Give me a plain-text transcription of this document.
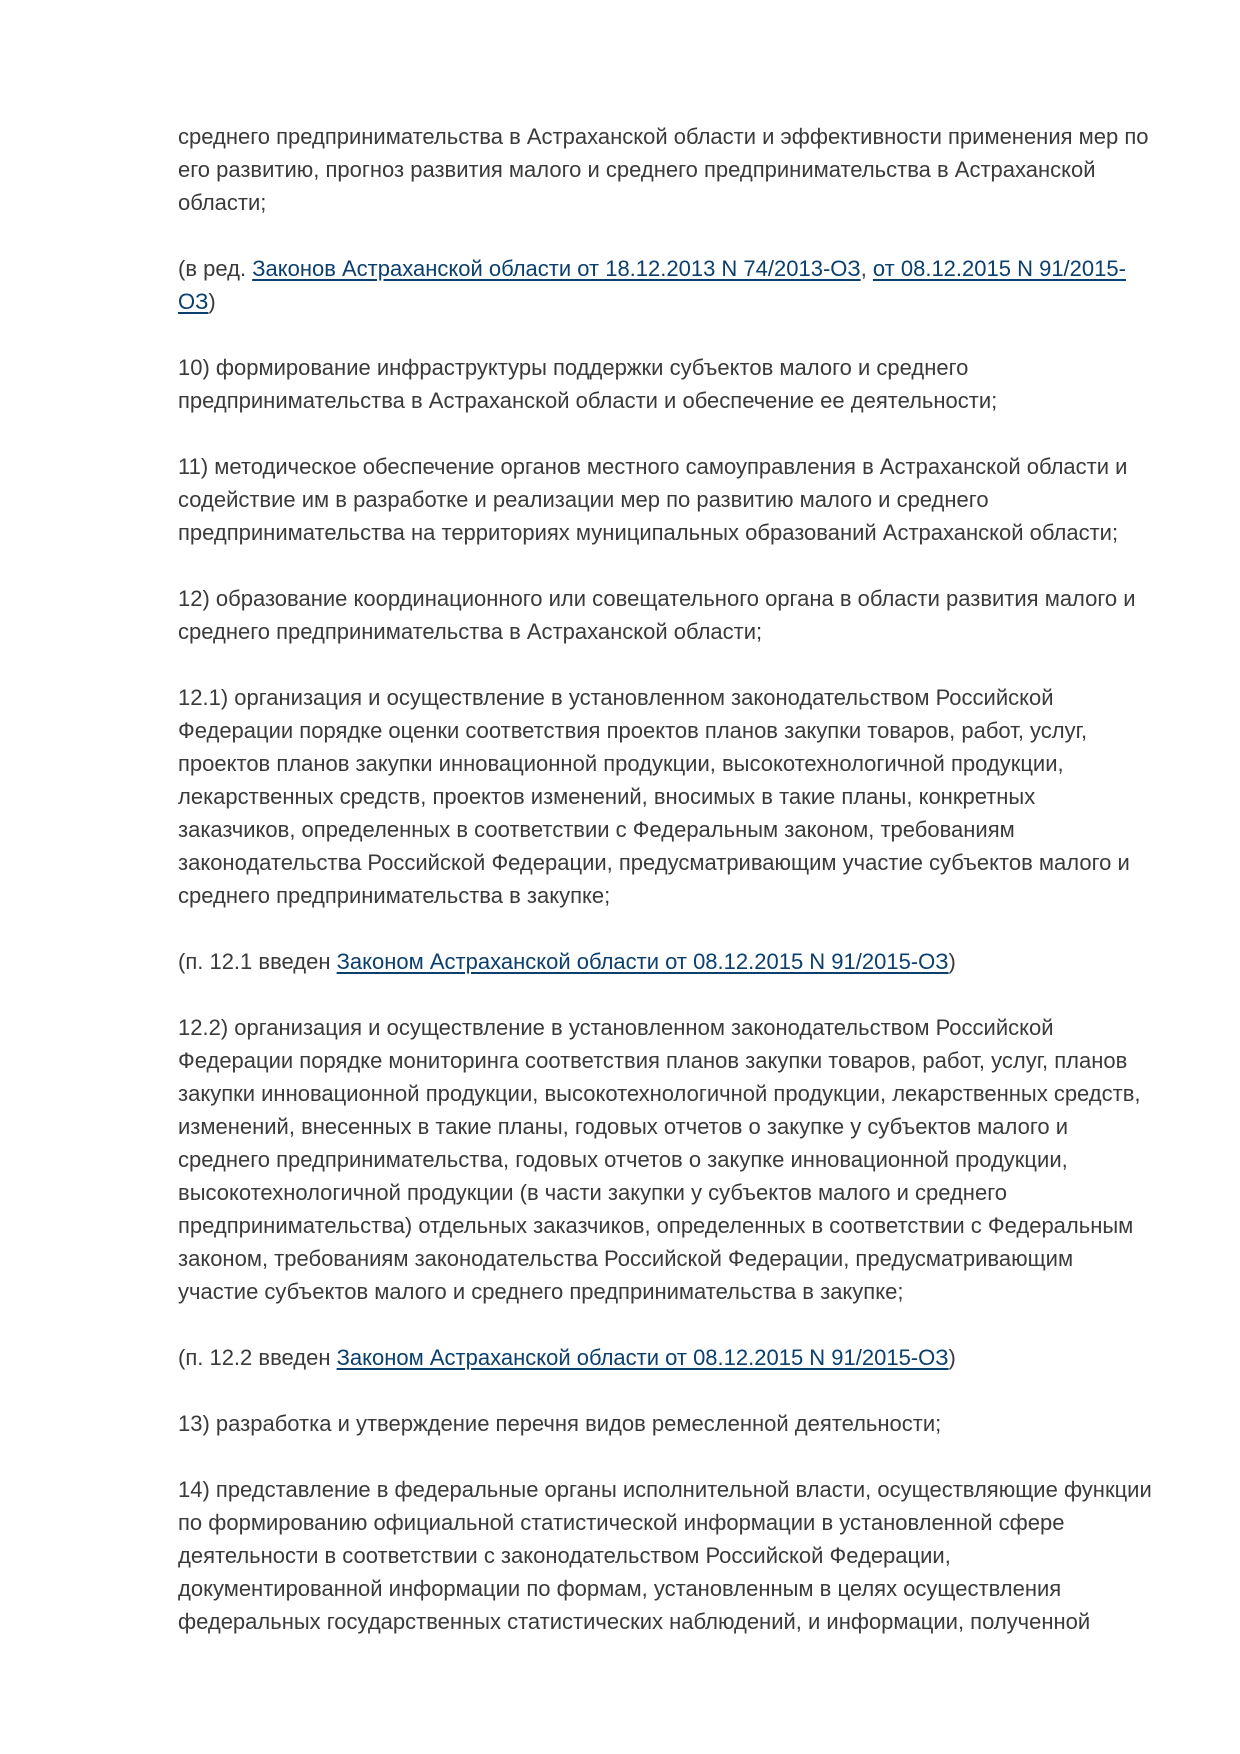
среднего предпринимательства в Астраханской области и эффективности применения мер по его развитию, прогноз развития малого и среднего предпринимательства в Астраханской области;

(в ред. Законов Астраханской области от 18.12.2013 N 74/2013-ОЗ, от 08.12.2015 N 91/2015-ОЗ)

10) формирование инфраструктуры поддержки субъектов малого и среднего предпринимательства в Астраханской области и обеспечение ее деятельности;

11) методическое обеспечение органов местного самоуправления в Астраханской области и содействие им в разработке и реализации мер по развитию малого и среднего предпринимательства на территориях муниципальных образований Астраханской области;

12) образование координационного или совещательного органа в области развития малого и среднего предпринимательства в Астраханской области;

12.1) организация и осуществление в установленном законодательством Российской Федерации порядке оценки соответствия проектов планов закупки товаров, работ, услуг, проектов планов закупки инновационной продукции, высокотехнологичной продукции, лекарственных средств, проектов изменений, вносимых в такие планы, конкретных заказчиков, определенных в соответствии с Федеральным законом, требованиям законодательства Российской Федерации, предусматривающим участие субъектов малого и среднего предпринимательства в закупке;

(п. 12.1 введен Законом Астраханской области от 08.12.2015 N 91/2015-ОЗ)

12.2) организация и осуществление в установленном законодательством Российской Федерации порядке мониторинга соответствия планов закупки товаров, работ, услуг, планов закупки инновационной продукции, высокотехнологичной продукции, лекарственных средств, изменений, внесенных в такие планы, годовых отчетов о закупке у субъектов малого и среднего предпринимательства, годовых отчетов о закупке инновационной продукции, высокотехнологичной продукции (в части закупки у субъектов малого и среднего предпринимательства) отдельных заказчиков, определенных в соответствии с Федеральным законом, требованиям законодательства Российской Федерации, предусматривающим участие субъектов малого и среднего предпринимательства в закупке;

(п. 12.2 введен Законом Астраханской области от 08.12.2015 N 91/2015-ОЗ)

13) разработка и утверждение перечня видов ремесленной деятельности;

14) представление в федеральные органы исполнительной власти, осуществляющие функции по формированию официальной статистической информации в установленной сфере деятельности в соответствии с законодательством Российской Федерации, документированной информации по формам, установленным в целях осуществления федеральных государственных статистических наблюдений, и информации, полученной
